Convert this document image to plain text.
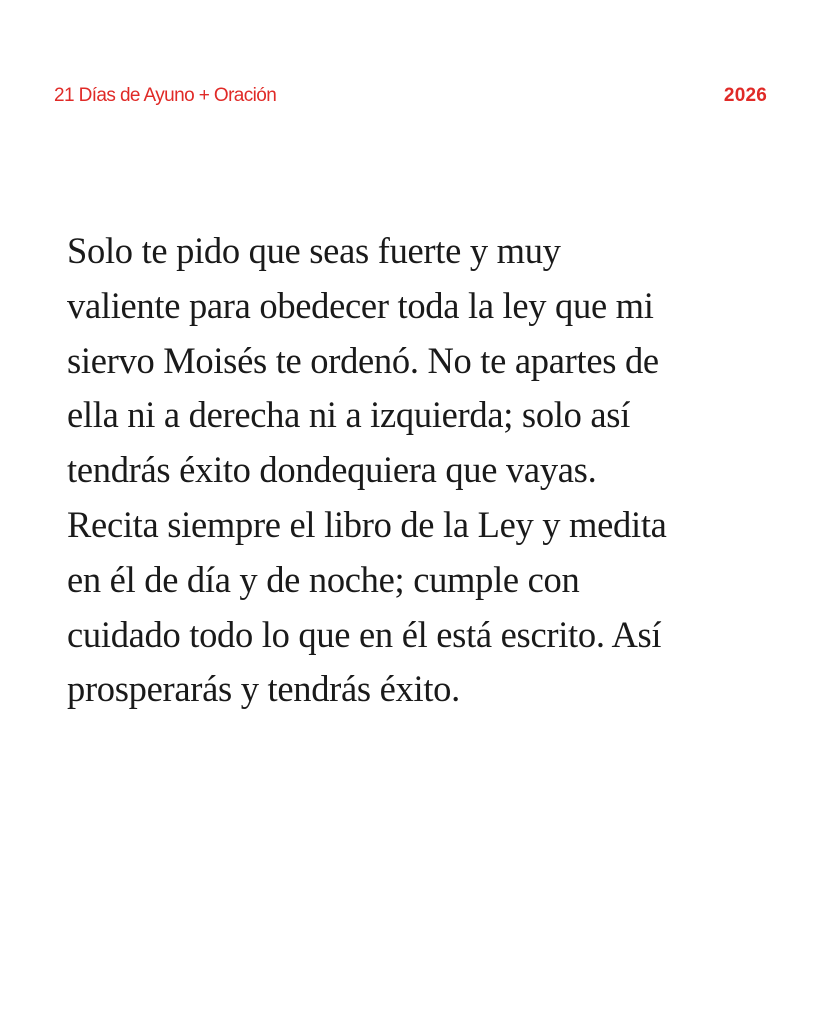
21 Días de Ayuno + Oración	2026

Solo te pido que seas fuerte y muy
valiente para obedecer toda la ley que mi
siervo Moisés te ordenó. No te apartes de
ella ni a derecha ni a izquierda; solo así
tendrás éxito dondequiera que vayas.
Recita siempre el libro de la Ley y medita
en él de día y de noche; cumple con
cuidado todo lo que en él está escrito. Así
prosperarás y tendrás éxito.
